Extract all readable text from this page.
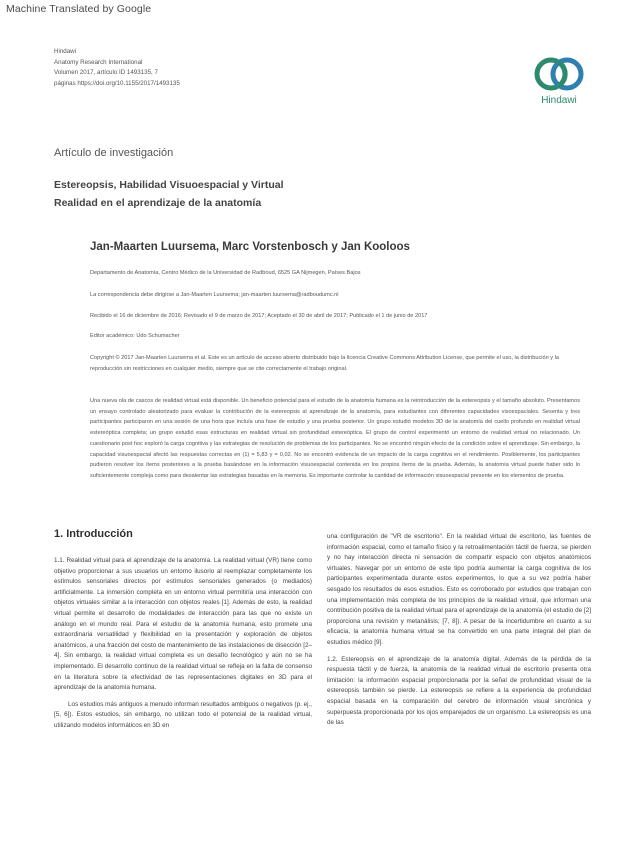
Machine Translated by Google
Hindawi
Anatomy Research International
Volumen 2017, artículo ID 1493135, 7
páginas https://doi.org/10.1155/2017/1493135
Hindawi
Artículo de investigación
Estereopsis, Habilidad Visuoespacial y Virtual
Realidad en el aprendizaje de la anatomía
Jan-Maarten Luursema, Marc Vorstenbosch y Jan Kooloos
Departamento de Anatomía, Centro Médico de la Universidad de Radboud, 6525 GA Nijmegen, Países Bajos
La correspondencia debe dirigirse a Jan-Maarten Luursema; jan-maarten.luursema@radboudumc.nl
Recibido el 16 de diciembre de 2016; Revisado el 9 de marzo de 2017; Aceptado el 30 de abril de 2017; Publicado el 1 de junio de 2017
Editor académico: Udo Schumacher
Copyright © 2017 Jan-Maarten Luursema et al. Este es un artículo de acceso abierto distribuido bajo la licencia Creative Commons Attribution License, que permite el uso, la distribución y la reproducción sin restricciones en cualquier medio, siempre que se cite correctamente el trabajo original.
Una nueva ola de cascos de realidad virtual está disponible. Un beneficio potencial para el estudio de la anatomía humana es la reintroducción de la estereopsis y el tamaño absoluto. Presentamos un ensayo controlado aleatorizado para evaluar la contribución de la estereopsis al aprendizaje de la anatomía, para estudiantes con diferentes capacidades visoespaciales. Sesenta y tres participantes participaron en una sesión de una hora que incluía una fase de estudio y una prueba posterior. Un grupo estudió modelos 3D de la anatomía del cuello profundo en realidad virtual estereóptica completa; un grupo estudió esas estructuras en realidad virtual sin profundidad estereóptica. El grupo de control experimentó un entorno de realidad virtual no relacionado. Un cuestionario post hoc exploró la carga cognitiva y las estrategias de resolución de problemas de los participantes. No se encontró ningún efecto de la condición sobre el aprendizaje. Sin embargo, la capacidad visuoespacial afectó las respuestas correctas en (1) = 5,83 y = 0,02. No se encontró evidencia de un impacto de la carga cognitiva en el rendimiento. Posiblemente, los participantes pudieron resolver los ítems posteriores a la prueba basándose en la información visuoespacial contenida en los propios ítems de la prueba. Además, la anatomía virtual puede haber sido lo suficientemente compleja como para desalentar las estrategias basadas en la memoria. Es importante controlar la cantidad de información visuoespacial presente en los elementos de prueba.
1. Introducción

1.1. Realidad virtual para el aprendizaje de la anatomía. La realidad virtual (VR) tiene como objetivo proporcionar a sus usuarios un entorno ilusorio al reemplazar completamente los estímulos sensoriales directos por estímulos sensoriales generados (o mediados) artificialmente. La inmersión completa en un entorno virtual permitiría una interacción con objetos virtuales similar a la interacción con objetos reales [1]. Además de esto, la realidad virtual permite el desarrollo de modalidades de interacción para las que no existe un análogo en el mundo real. Para el estudio de la anatomía humana, esto promete una extraordinaria versatilidad y flexibilidad en la presentación y exploración de objetos anatómicos, a una fracción del costo de mantenimiento de las instalaciones de disección [2–4]. Sin embargo, la realidad virtual completa es un desafío tecnológico y aún no se ha implementado. El desarrollo continuo de la realidad virtual se refleja en la falta de consenso en la literatura sobre la efectividad de las representaciones digitales en 3D para el aprendizaje de la anatomía humana.

Los estudios más antiguos a menudo informan resultados ambiguos o negativos (p. ej., [5, 6]). Estos estudios, sin embargo, no utilizan todo el potencial de la realidad virtual, utilizando modelos informáticos en 3D en

una configuración de "VR de escritorio". En la realidad virtual de escritorio, las fuentes de información espacial, como el tamaño físico y la retroalimentación táctil de fuerza, se pierden y no hay interacción directa ni sensación de compartir espacio con objetos anatómicos virtuales. Navegar por un entorno de este tipo podría aumentar la carga cognitiva de los participantes experimentada durante estos experimentos, lo que a su vez podría haber sesgado los resultados de esos estudios. Esto es corroborado por estudios que trabajan con una implementación más completa de los principios de la realidad virtual, que informan una contribución positiva de la realidad virtual para el aprendizaje de la anatomía (el estudio de [2] proporciona una revisión y metanálisis; [7, 8]). A pesar de la incertidumbre en cuanto a su eficacia, la anatomía humana virtual se ha convertido en una parte integral del plan de estudios médico [9].

1.2. Estereopsis en el aprendizaje de la anatomía digital. Además de la pérdida de la respuesta táctil y de fuerza, la anatomía de la realidad virtual de escritorio presenta otra limitación: la información espacial proporcionada por la señal de profundidad visual de la estereopsis también se pierde. La estereopsis se refiere a la experiencia de profundidad espacial basada en la comparación del cerebro de información visual sincrónica y superpuesta proporcionada por los ojos emparejados de un organismo. La estereopsis es una de las
